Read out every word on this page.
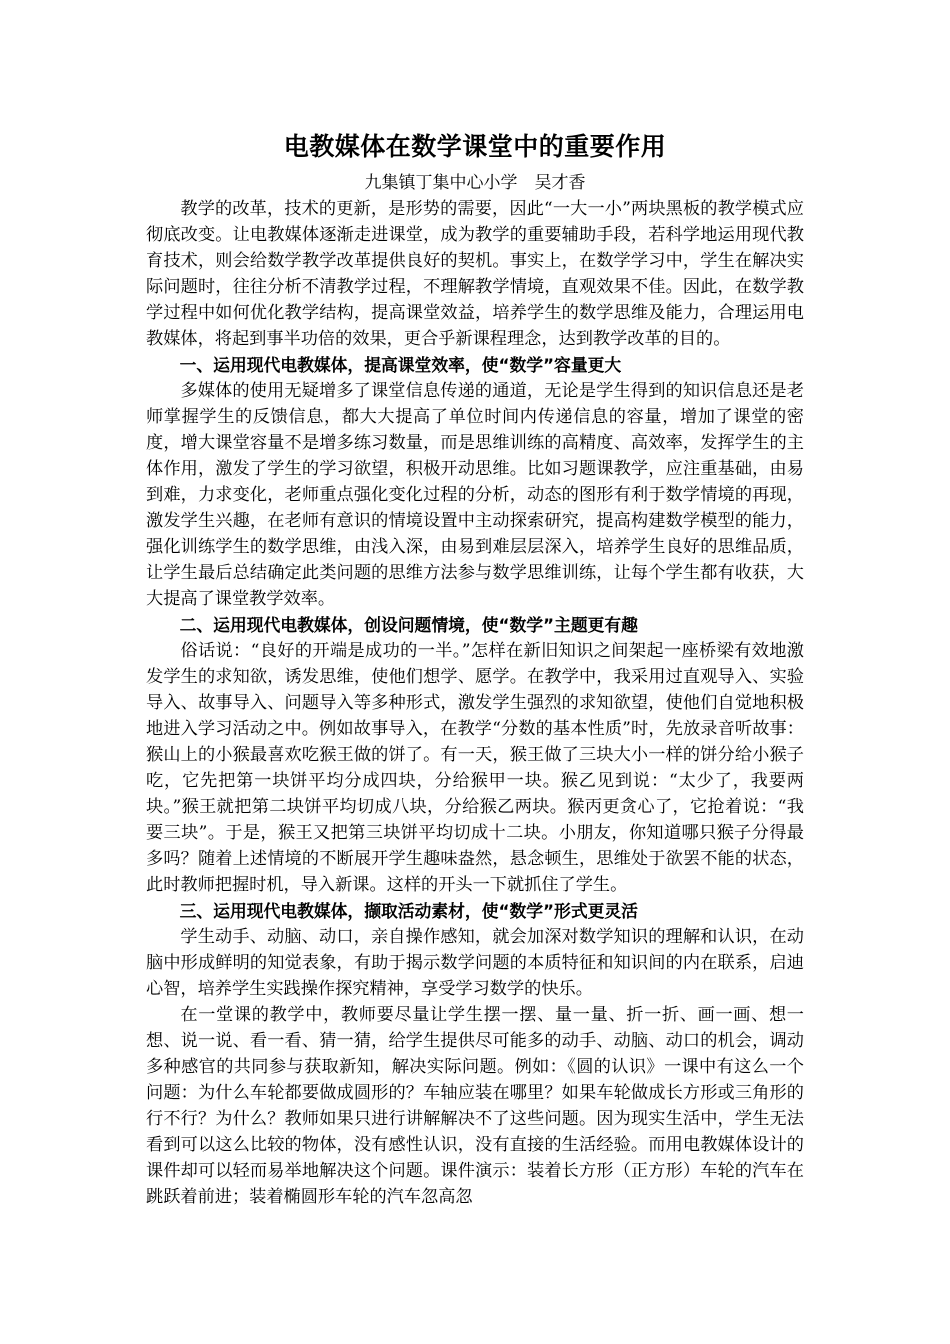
电教媒体在数学课堂中的重要作用

九集镇丁集中心小学　吴才香

教学的改革，技术的更新，是形势的需要，因此“一大一小”两块黑板的教学模式应彻底改变。让电教媒体逐渐走进课堂，成为教学的重要辅助手段，若科学地运用现代教育技术，则会给数学教学改革提供良好的契机。事实上，在数学学习中，学生在解决实际问题时，往往分析不清教学过程，不理解教学情境，直观效果不佳。因此，在数学教学过程中如何优化教学结构，提高课堂效益，培养学生的数学思维及能力，合理运用电教媒体，将起到事半功倍的效果，更合乎新课程理念，达到教学改革的目的。

一、运用现代电教媒体，提高课堂效率，使“数学”容量更大

多媒体的使用无疑增多了课堂信息传递的通道，无论是学生得到的知识信息还是老师掌握学生的反馈信息，都大大提高了单位时间内传递信息的容量，增加了课堂的密度，增大课堂容量不是增多练习数量，而是思维训练的高精度、高效率，发挥学生的主体作用，激发了学生的学习欲望，积极开动思维。比如习题课教学，应注重基础，由易到难，力求变化，老师重点强化变化过程的分析，动态的图形有利于数学情境的再现，激发学生兴趣，在老师有意识的情境设置中主动探索研究，提高构建数学模型的能力，强化训练学生的数学思维，由浅入深，由易到难层层深入，培养学生良好的思维品质，让学生最后总结确定此类问题的思维方法参与数学思维训练，让每个学生都有收获，大大提高了课堂教学效率。

二、运用现代电教媒体，创设问题情境，使“数学”主题更有趣

俗话说：“良好的开端是成功的一半。”怎样在新旧知识之间架起一座桥梁有效地激发学生的求知欲，诱发思维，使他们想学、愿学。在教学中，我采用过直观导入、实验导入、故事导入、问题导入等多种形式，激发学生强烈的求知欲望，使他们自觉地积极地进入学习活动之中。例如故事导入，在教学“分数的基本性质”时，先放录音听故事：猴山上的小猴最喜欢吃猴王做的饼了。有一天，猴王做了三块大小一样的饼分给小猴子吃，它先把第一块饼平均分成四块，分给猴甲一块。猴乙见到说：“太少了，我要两块。”猴王就把第二块饼平均切成八块，分给猴乙两块。猴丙更贪心了，它抢着说：“我要三块”。于是，猴王又把第三块饼平均切成十二块。小朋友，你知道哪只猴子分得最多吗？随着上述情境的不断展开学生趣味盎然，悬念顿生，思维处于欲罢不能的状态，此时教师把握时机，导入新课。这样的开头一下就抓住了学生。

三、运用现代电教媒体，撷取活动素材，使“数学”形式更灵活

学生动手、动脑、动口，亲自操作感知，就会加深对数学知识的理解和认识，在动脑中形成鲜明的知觉表象，有助于揭示数学问题的本质特征和知识间的内在联系，启迪心智，培养学生实践操作探究精神，享受学习数学的快乐。

在一堂课的教学中，教师要尽量让学生摆一摆、量一量、折一折、画一画、想一想、说一说、看一看、猜一猜，给学生提供尽可能多的动手、动脑、动口的机会，调动多种感官的共同参与获取新知，解决实际问题。例如：《圆的认识》一课中有这么一个问题：为什么车轮都要做成圆形的？车轴应装在哪里？如果车轮做成长方形或三角形的行不行？为什么？教师如果只进行讲解解决不了这些问题。因为现实生活中，学生无法看到可以这么比较的物体，没有感性认识，没有直接的生活经验。而用电教媒体设计的课件却可以轻而易举地解决这个问题。课件演示：装着长方形（正方形）车轮的汽车在跳跃着前进；装着椭圆形车轮的汽车忽高忽
